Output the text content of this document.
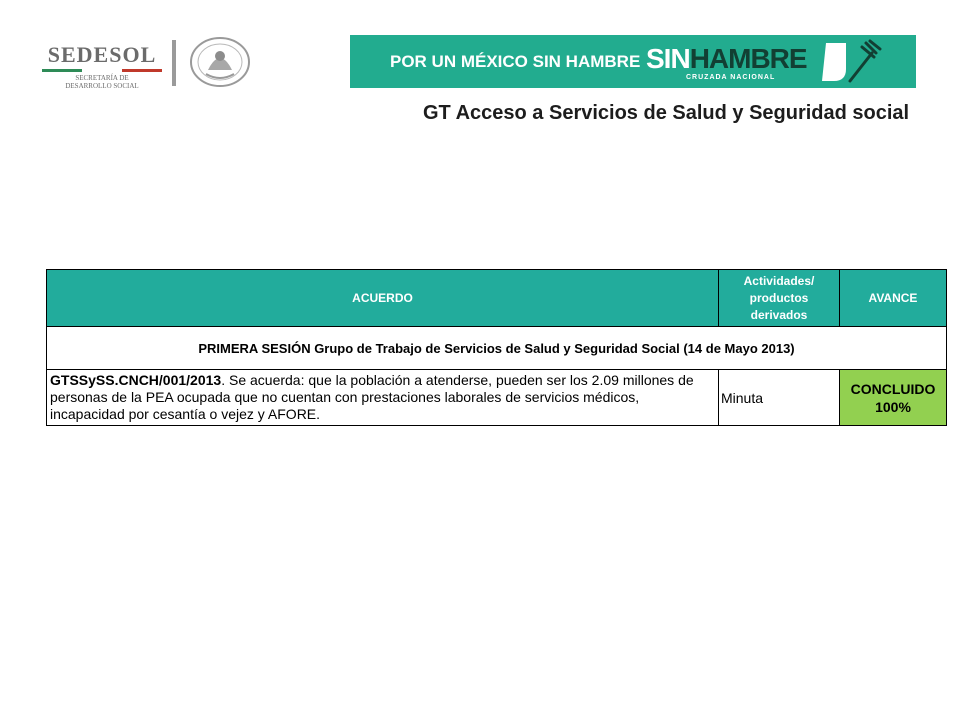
SEDESOL
SECRETARÍA DE
DESARROLLO SOCIAL
POR UN MÉXICO SIN HAMBRE SINHAMBRE
CRUZADA NACIONAL
GT Acceso a Servicios de Salud y Seguridad social
ACUERDO	Actividades/ productos derivados	AVANCE
PRIMERA SESIÓN Grupo de Trabajo de Servicios de Salud y Seguridad Social (14 de Mayo 2013)		
GTSSySS.CNCH/001/2013. Se acuerda: que la población a atenderse, pueden ser los 2.09 millones de personas de la PEA ocupada que no cuentan con prestaciones laborales de servicios médicos, incapacidad por cesantía o vejez y AFORE.	Minuta	CONCLUIDO
100%
